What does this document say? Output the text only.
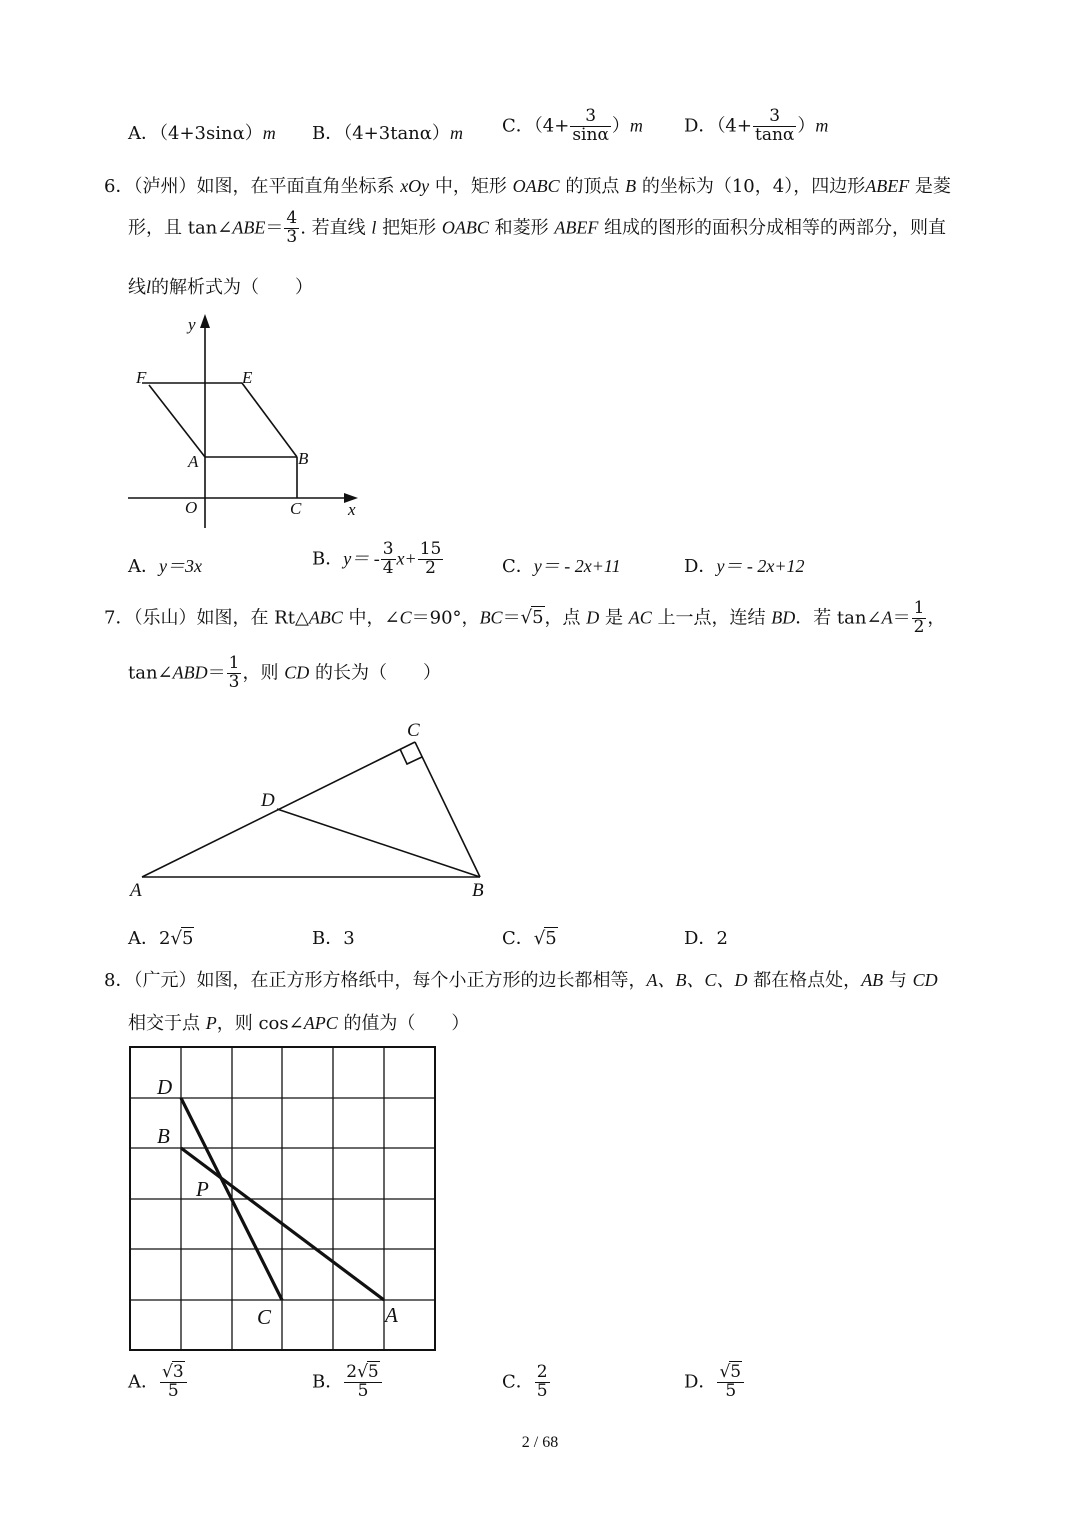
A．（4+3sinα）m B．（4+3tanα）m C．$(4+ \frac{3}{\sin\alpha} )m$ D．$(4+ \frac{3}{\tan\alpha} )m$
6．（泸州）如图，在平面直角坐标系 xOy 中，矩形 OABC 的顶点 B 的坐标为（10，4），四边形ABEF 是菱
形，且 tan∠ABE＝ $\frac{4}{3}$ . 若直线 l 把矩形 OABC 和菱形 ABEF 组成的图形的面积分成相等的两部分，则直
线l的解析式为（　　）
y
x
F	E
A	B
O	C
A．y＝3x	B．$y= - \frac{3}{4} x+ \frac{15}{2}$	C．y＝ - 2x+11	D．y＝ - 2x+12
7．（乐山）如图，在 Rt△ABC 中，∠C＝90°，BC＝√5，点 D 是 AC 上一点，连结 BD．若 tan∠A＝ $\frac{1}{2}$ ，
tan∠ABD＝ $\frac{1}{3}$ ，则 CD 的长为（　　）
A	B
C
D
A．2√5	B．3	C．√5	D．2
8．（广元）如图，在正方形方格纸中，每个小正方形的边长都相等，A、B、C、D 都在格点处，AB 与 CD
相交于点 P，则 cos∠APC 的值为（　　）
D
B
P
C	A
A． $\frac{√3}{5}$	B． $\frac{2√5}{5}$	C． $\frac{2}{5}$	D． $\frac{√5}{5}$
2 / 68
